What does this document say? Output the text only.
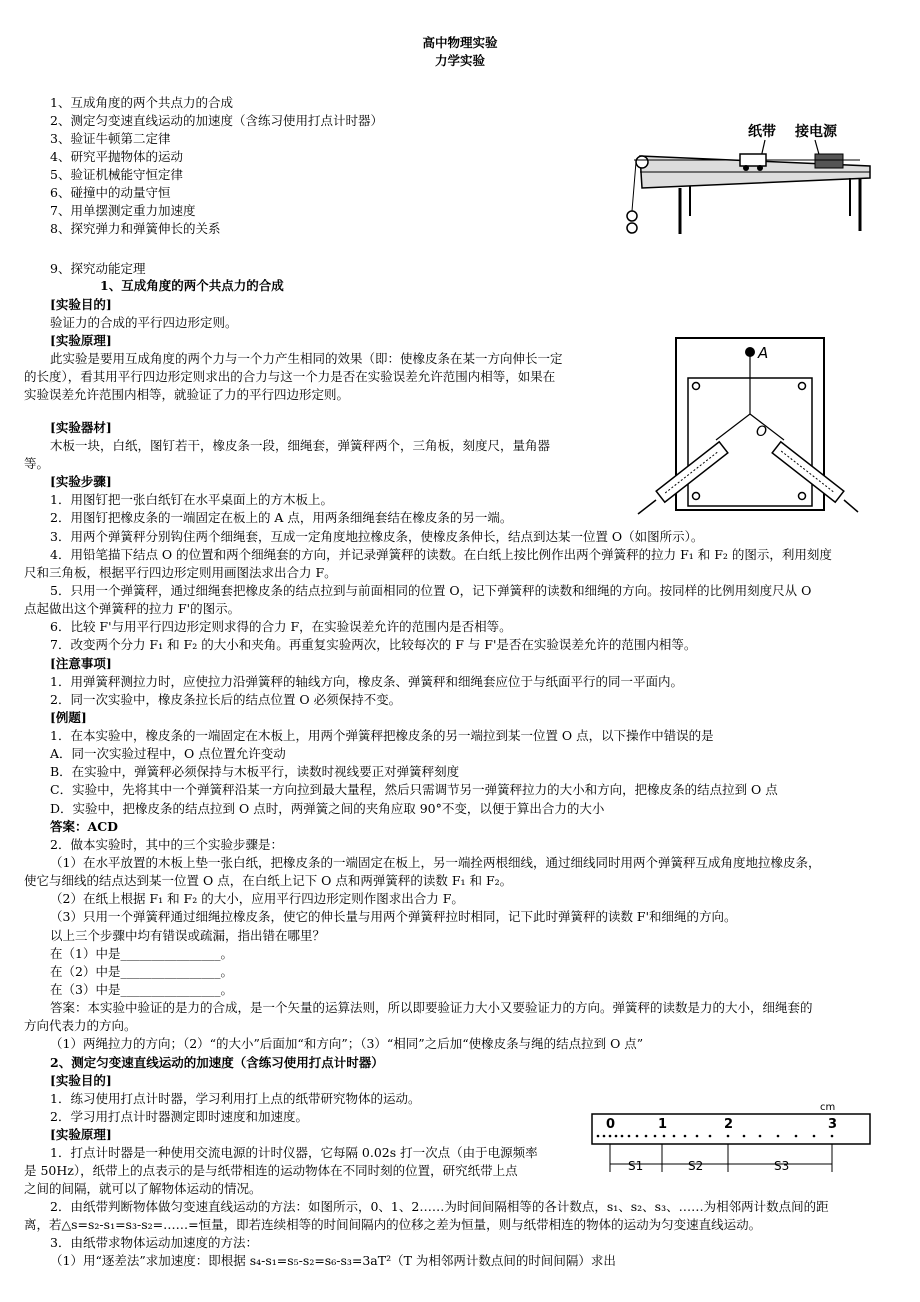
高中物理实验
力学实验
1、互成角度的两个共点力的合成
2、测定匀变速直线运动的加速度（含练习使用打点计时器）
3、验证牛顿第二定律
4、研究平抛物体的运动
5、验证机械能守恒定律
6、碰撞中的动量守恒
7、用单摆测定重力加速度
8、探究弹力和弹簧伸长的关系
9、探究动能定理
纸带 接电源
A
O
cm
0	1	2	3
S1	S2	S3
1、互成角度的两个共点力的合成
[实验目的]
验证力的合成的平行四边形定则。
[实验原理]
此实验是要用互成角度的两个力与一个力产生相同的效果（即：使橡皮条在某一方向伸长一定
的长度），看其用平行四边形定则求出的合力与这一个力是否在实验误差允许范围内相等，如果在
实验误差允许范围内相等，就验证了力的平行四边形定则。
[实验器材]
木板一块，白纸，图钉若干，橡皮条一段，细绳套，弹簧秤两个，三角板，刻度尺，量角器
等。
[实验步骤]
1．用图钉把一张白纸钉在水平桌面上的方木板上。
2．用图钉把橡皮条的一端固定在板上的 A 点，用两条细绳套结在橡皮条的另一端。
3．用两个弹簧秤分别钩住两个细绳套，互成一定角度地拉橡皮条，使橡皮条伸长，结点到达某一位置 O（如图所示）。
4．用铅笔描下结点 O 的位置和两个细绳套的方向，并记录弹簧秤的读数。在白纸上按比例作出两个弹簧秤的拉力 F₁ 和 F₂ 的图示，利用刻度
尺和三角板，根据平行四边形定则用画图法求出合力 F。
5．只用一个弹簧秤，通过细绳套把橡皮条的结点拉到与前面相同的位置 O，记下弹簧秤的读数和细绳的方向。按同样的比例用刻度尺从 O
点起做出这个弹簧秤的拉力 F'的图示。
6．比较 F'与用平行四边形定则求得的合力 F，在实验误差允许的范围内是否相等。
7．改变两个分力 F₁ 和 F₂ 的大小和夹角。再重复实验两次，比较每次的 F 与 F'是否在实验误差允许的范围内相等。
[注意事项]
1．用弹簧秤测拉力时，应使拉力沿弹簧秤的轴线方向，橡皮条、弹簧秤和细绳套应位于与纸面平行的同一平面内。
2．同一次实验中，橡皮条拉长后的结点位置 O 必须保持不变。
[例题]
1．在本实验中，橡皮条的一端固定在木板上，用两个弹簧秤把橡皮条的另一端拉到某一位置 O 点，以下操作中错误的是
A．同一次实验过程中，O 点位置允许变动
B．在实验中，弹簧秤必须保持与木板平行，读数时视线要正对弹簧秤刻度
C．实验中，先将其中一个弹簧秤沿某一方向拉到最大量程，然后只需调节另一弹簧秤拉力的大小和方向，把橡皮条的结点拉到 O 点
D．实验中，把橡皮条的结点拉到 O 点时，两弹簧之间的夹角应取 90°不变，以便于算出合力的大小
答案：ACD
2．做本实验时，其中的三个实验步骤是：
（1）在水平放置的木板上垫一张白纸，把橡皮条的一端固定在板上，另一端拴两根细线，通过细线同时用两个弹簧秤互成角度地拉橡皮条，
使它与细线的结点达到某一位置 O 点，在白纸上记下 O 点和两弹簧秤的读数 F₁ 和 F₂。
（2）在纸上根据 F₁ 和 F₂ 的大小，应用平行四边形定则作图求出合力 F。
（3）只用一个弹簧秤通过细绳拉橡皮条，使它的伸长量与用两个弹簧秤拉时相同，记下此时弹簧秤的读数 F'和细绳的方向。
以上三个步骤中均有错误或疏漏，指出错在哪里？
在（1）中是________________。
在（2）中是________________。
在（3）中是________________。
答案：本实验中验证的是力的合成，是一个矢量的运算法则，所以即要验证力大小又要验证力的方向。弹簧秤的读数是力的大小，细绳套的
方向代表力的方向。
（1）两绳拉力的方向；（2）“的大小”后面加“和方向”；（3）“相同”之后加“使橡皮条与绳的结点拉到 O 点”
2、测定匀变速直线运动的加速度（含练习使用打点计时器）
[实验目的]
1．练习使用打点计时器，学习利用打上点的纸带研究物体的运动。
2．学习用打点计时器测定即时速度和加速度。
[实验原理]
1．打点计时器是一种使用交流电源的计时仪器，它每隔 0.02s 打一次点（由于电源频率
是 50Hz），纸带上的点表示的是与纸带相连的运动物体在不同时刻的位置，研究纸带上点
之间的间隔，就可以了解物体运动的情况。
2．由纸带判断物体做匀变速直线运动的方法：如图所示，0、1、2……为时间间隔相等的各计数点，s₁、s₂、s₃、……为相邻两计数点间的距
离，若△s=s₂-s₁=s₃-s₂=……=恒量，即若连续相等的时间间隔内的位移之差为恒量，则与纸带相连的物体的运动为匀变速直线运动。
3．由纸带求物体运动加速度的方法：
（1）用“逐差法”求加速度：即根据 s₄-s₁=s₅-s₂=s₆-s₃=3aT²（T 为相邻两计数点间的时间间隔）求出
